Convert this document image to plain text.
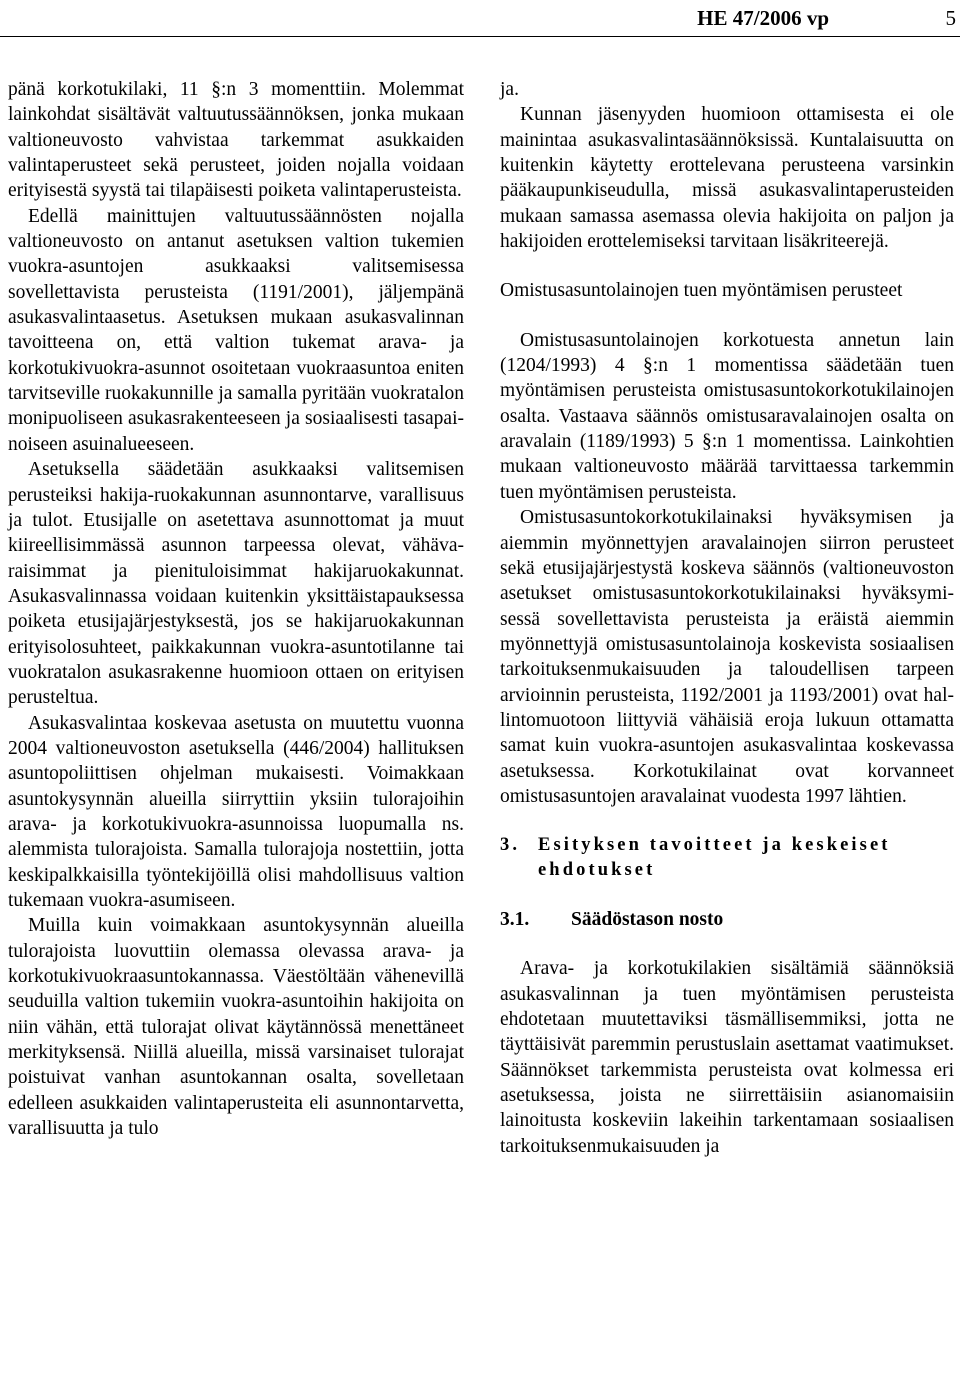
HE 47/2006 vp	5

pänä korkotukilaki, 11 §:n 3 momenttiin. Molemmat lainkohdat sisältävät valtuutussäännöksen, jonka mukaan valtioneuvosto vahvistaa tarkemmat asukkaiden valintaperusteet sekä perusteet, joiden nojalla voidaan erityisestä syystä tai tilapäisesti poiketa valintaperusteista.

Edellä mainittujen valtuutussäännösten nojalla valtioneuvosto on antanut asetuksen valtion tukemien vuokra-asuntojen asukkaaksi valitsemisessa sovellettavista perusteista (1191/2001), jäljempänä asukasvalintaasetus. Asetuksen mukaan asukasvalinnan tavoitteena on, että valtion tukemat arava- ja korkotukivuokra-asunnot osoitetaan vuokraasuntoa eniten tarvitseville ruokakunnille ja samalla pyritään vuokratalon monipuoliseen asukasrakenteeseen ja sosiaalisesti tasapainoiseen asuinalueeseen.

Asetuksella säädetään asukkaaksi valitsemisen perusteiksi hakija-ruokakunnan asunnontarve, varallisuus ja tulot. Etusijalle on asetettava asunnottomat ja muut kiireellisimmässä asunnon tarpeessa olevat, vähävaraisimmat ja pienituloisimmat hakijaruokakunnat. Asukasvalinnassa voidaan kuitenkin yksittäistapauksessa poiketa etusijajärjestyksestä, jos se hakijaruokakunnan erityisolosuhteet, paikkakunnan vuokra-asuntotilanne tai vuokratalon asukasrakenne huomioon ottaen on erityisen perusteltua.

Asukasvalintaa koskevaa asetusta on muutettu vuonna 2004 valtioneuvoston asetuksella (446/2004) hallituksen asuntopoliittisen ohjelman mukaisesti. Voimakkaan asuntokysynnän alueilla siirryttiin yksiin tulorajoihin arava- ja korkotukivuokra-asunnoissa luopumalla ns. alemmista tulorajoista. Samalla tulorajoja nostettiin, jotta keskipalkkaisilla työntekijöillä olisi mahdollisuus valtion tukemaan vuokra-asumiseen.

Muilla kuin voimakkaan asuntokysynnän alueilla tulorajoista luovuttiin olemassa olevassa arava- ja korkotukivuokraasuntokannassa. Väestöltään vähenevillä seuduilla valtion tukemiin vuokra-asuntoihin hakijoita on niin vähän, että tulorajat olivat käytännössä menettäneet merkityksensä. Niillä alueilla, missä varsinaiset tulorajat poistuivat vanhan asuntokannan osalta, sovelletaan edelleen asukkaiden valintaperusteita eli asunnontarvetta, varallisuutta ja tulo

ja.

Kunnan jäsenyyden huomioon ottamisesta ei ole mainintaa asukasvalintasäännöksissä. Kuntalaisuutta on kuitenkin käytetty erottelevana perusteena varsinkin pääkaupunkiseudulla, missä asukasvalintaperusteiden mukaan samassa asemassa olevia hakijoita on paljon ja hakijoiden erottelemiseksi tarvitaan lisäkriteerejä.

Omistusasuntolainojen tuen myöntämisen perusteet

Omistusasuntolainojen korkotuesta annetun lain (1204/1993) 4 §:n 1 momentissa säädetään tuen myöntämisen perusteista omistusasuntokorkotukilainojen osalta. Vastaava säännös omistusaravalainojen osalta on aravalain (1189/1993) 5 §:n 1 momentissa. Lainkohtien mukaan valtioneuvosto määrää tarvittaessa tarkemmin tuen myöntämisen perusteista.

Omistusasuntokorkotukilainaksi hyväksymisen ja aiemmin myönnettyjen aravalainojen siirron perusteet sekä etusijajärjestystä koskeva säännös (valtioneuvoston asetukset omistusasuntokorkotukilainaksi hyväksymisessä sovellettavista perusteista ja eräistä aiemmin myönnettyjä omistusasuntolainoja koskevista sosiaalisen tarkoituksenmukaisuuden ja taloudellisen tarpeen arvioinnin perusteista, 1192/2001 ja 1193/2001) ovat hallintomuotoon liittyviä vähäisiä eroja lukuun ottamatta samat kuin vuokra-asuntojen asukasvalintaa koskevassa asetuksessa. Korkotukilainat ovat korvanneet omistusasuntojen aravalainat vuodesta 1997 lähtien.

3. Esityksen tavoitteet ja keskeiset ehdotukset
3.1.	Säädöstason nosto

Arava- ja korkotukilakien sisältämiä säännöksiä asukasvalinnan ja tuen myöntämisen perusteista ehdotetaan muutettaviksi täsmällisemmiksi, jotta ne täyttäisivät paremmin perustuslain asettamat vaatimukset. Säännökset tarkemmista perusteista ovat kolmessa eri asetuksessa, joista ne siirrettäisiin asianomaisiin lainoitusta koskeviin lakeihin tarkentamaan sosiaalisen tarkoituksenmukaisuuden ja
